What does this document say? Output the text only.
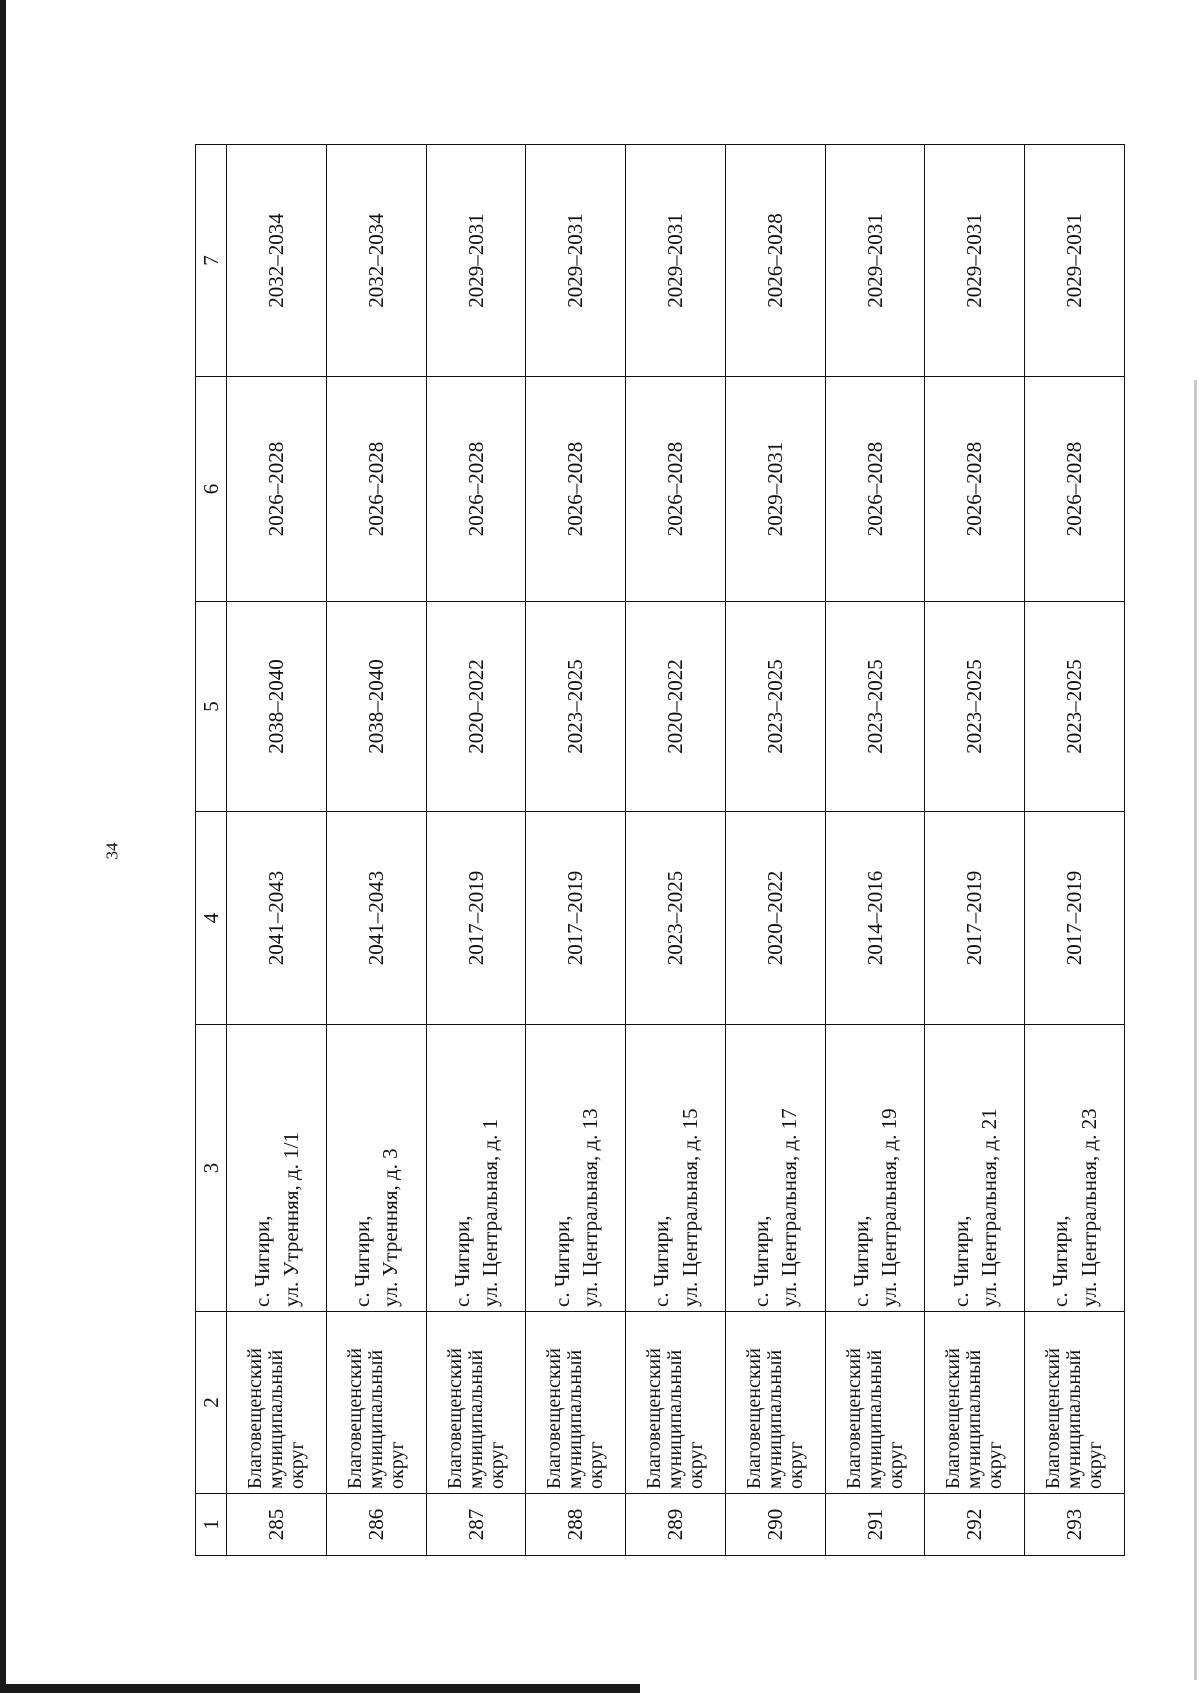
34
1	2	3	4	5	6	7
285	Благовещенский муниципальный округ	с. Чигири, ул. Утренняя, д. 1/1	2041–2043	2038–2040	2026–2028	2032–2034
286	Благовещенский муниципальный округ	с. Чигири, ул. Утренняя, д. 3	2041–2043	2038–2040	2026–2028	2032–2034
287	Благовещенский муниципальный округ	с. Чигири, ул. Центральная, д. 1	2017–2019	2020–2022	2026–2028	2029–2031
288	Благовещенский муниципальный округ	с. Чигири, ул. Центральная, д. 13	2017–2019	2023–2025	2026–2028	2029–2031
289	Благовещенский муниципальный округ	с. Чигири, ул. Центральная, д. 15	2023–2025	2020–2022	2026–2028	2029–2031
290	Благовещенский муниципальный округ	с. Чигири, ул. Центральная, д. 17	2020–2022	2023–2025	2029–2031	2026–2028
291	Благовещенский муниципальный округ	с. Чигири, ул. Центральная, д. 19	2014–2016	2023–2025	2026–2028	2029–2031
292	Благовещенский муниципальный округ	с. Чигири, ул. Центральная, д. 21	2017–2019	2023–2025	2026–2028	2029–2031
293	Благовещенский муниципальный округ	с. Чигири, ул. Центральная, д. 23	2017–2019	2023–2025	2026–2028	2029–2031
